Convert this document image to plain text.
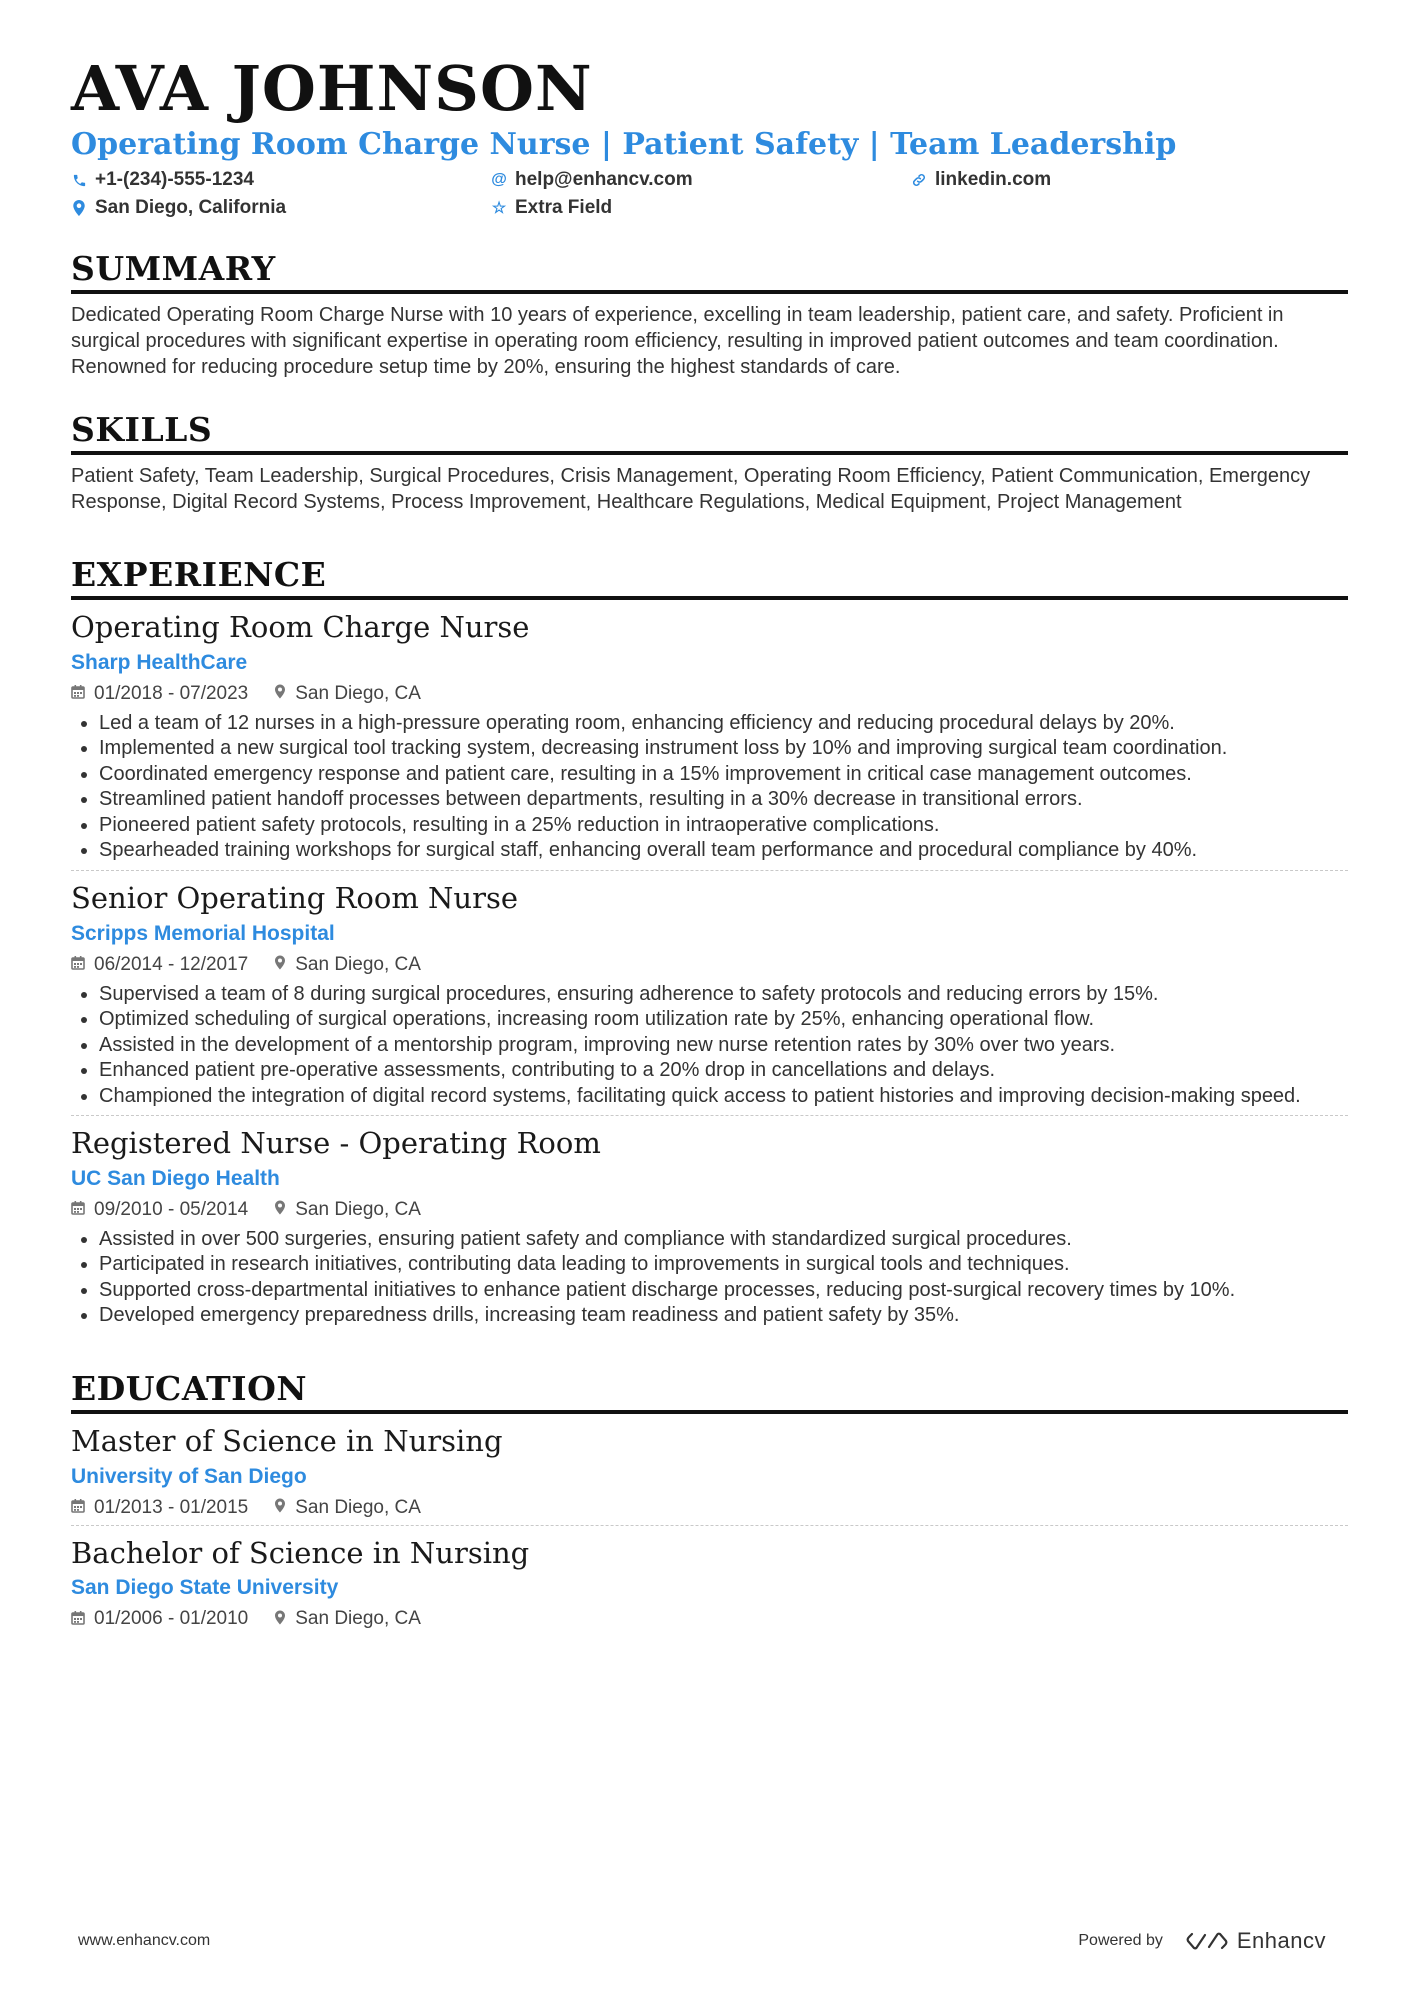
AVA JOHNSON
Operating Room Charge Nurse | Patient Safety | Team Leadership
+1-(234)-555-1234	@ help@enhancv.com	linkedin.com
San Diego, California	☆ Extra Field
SUMMARY
Dedicated Operating Room Charge Nurse with 10 years of experience, excelling in team leadership, patient care, and safety. Proficient in surgical procedures with significant expertise in operating room efficiency, resulting in improved patient outcomes and team coordination. Renowned for reducing procedure setup time by 20%, ensuring the highest standards of care.
SKILLS
Patient Safety, Team Leadership, Surgical Procedures, Crisis Management, Operating Room Efficiency, Patient Communication, Emergency Response, Digital Record Systems, Process Improvement, Healthcare Regulations, Medical Equipment, Project Management
EXPERIENCE
Operating Room Charge Nurse
Sharp HealthCare
01/2018 - 07/2023 San Diego, CA
• Led a team of 12 nurses in a high-pressure operating room, enhancing efficiency and reducing procedural delays by 20%.
• Implemented a new surgical tool tracking system, decreasing instrument loss by 10% and improving surgical team coordination.
• Coordinated emergency response and patient care, resulting in a 15% improvement in critical case management outcomes.
• Streamlined patient handoff processes between departments, resulting in a 30% decrease in transitional errors.
• Pioneered patient safety protocols, resulting in a 25% reduction in intraoperative complications.
• Spearheaded training workshops for surgical staff, enhancing overall team performance and procedural compliance by 40%.
Senior Operating Room Nurse
Scripps Memorial Hospital
06/2014 - 12/2017 San Diego, CA
• Supervised a team of 8 during surgical procedures, ensuring adherence to safety protocols and reducing errors by 15%.
• Optimized scheduling of surgical operations, increasing room utilization rate by 25%, enhancing operational flow.
• Assisted in the development of a mentorship program, improving new nurse retention rates by 30% over two years.
• Enhanced patient pre-operative assessments, contributing to a 20% drop in cancellations and delays.
• Championed the integration of digital record systems, facilitating quick access to patient histories and improving decision-making speed.
Registered Nurse - Operating Room
UC San Diego Health
09/2010 - 05/2014 San Diego, CA
• Assisted in over 500 surgeries, ensuring patient safety and compliance with standardized surgical procedures.
• Participated in research initiatives, contributing data leading to improvements in surgical tools and techniques.
• Supported cross-departmental initiatives to enhance patient discharge processes, reducing post-surgical recovery times by 10%.
• Developed emergency preparedness drills, increasing team readiness and patient safety by 35%.
EDUCATION
Master of Science in Nursing
University of San Diego
01/2013 - 01/2015 San Diego, CA
Bachelor of Science in Nursing
San Diego State University
01/2006 - 01/2010 San Diego, CA
www.enhancv.com	Powered by	Enhancv
